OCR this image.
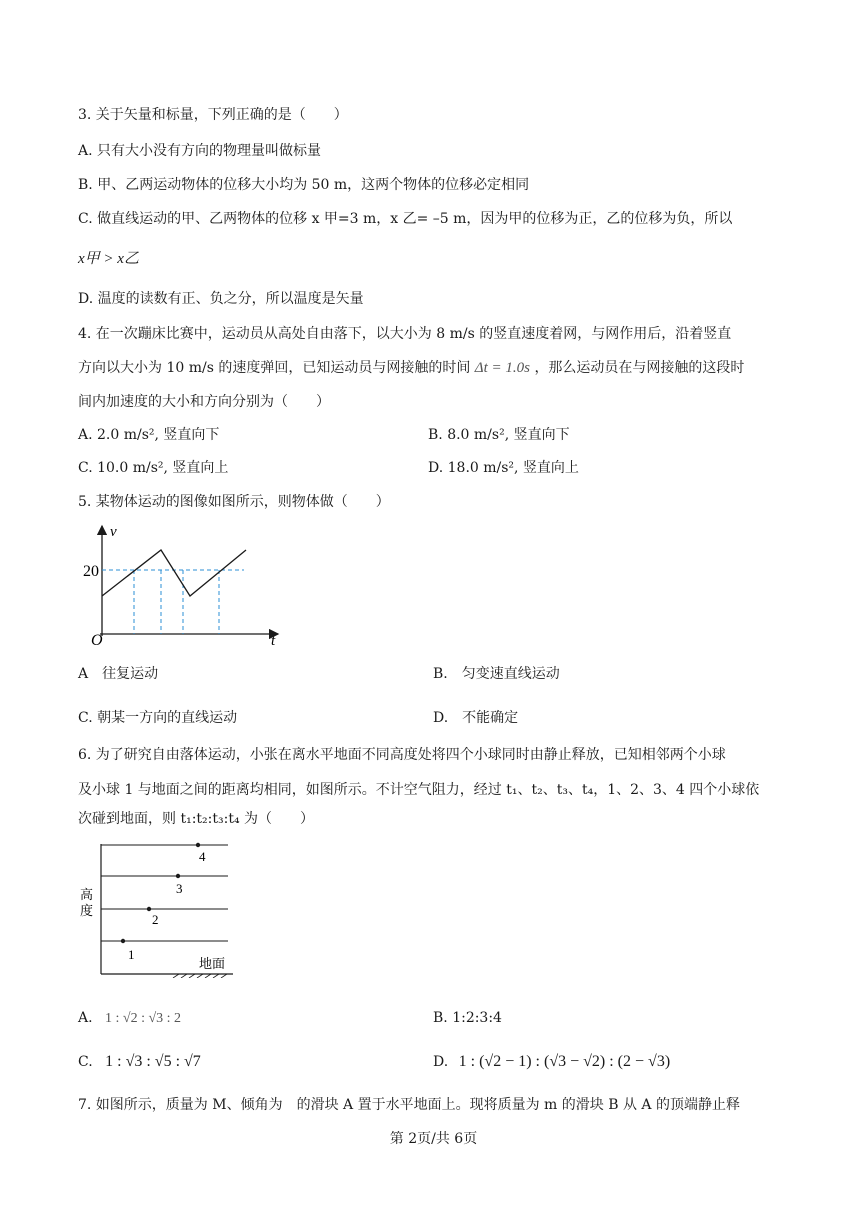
3. 关于矢量和标量，下列正确的是（　　）
A. 只有大小没有方向的物理量叫做标量
B. 甲、乙两运动物体的位移大小均为 50 m，这两个物体的位移必定相同
C. 做直线运动的甲、乙两物体的位移 x 甲=3 m，x 乙= –5 m，因为甲的位移为正，乙的位移为负，所以
x甲 > x乙
D. 温度的读数有正、负之分，所以温度是矢量
4. 在一次蹦床比赛中，运动员从高处自由落下，以大小为 8 m/s 的竖直速度着网，与网作用后，沿着竖直
方向以大小为 10 m/s 的速度弹回，已知运动员与网接触的时间 Δt = 1.0s ，那么运动员在与网接触的这段时
间内加速度的大小和方向分别为（　　）
A. 2.0 m/s², 竖直向下	B. 8.0 m/s², 竖直向下
C. 10.0 m/s², 竖直向上	D. 18.0 m/s², 竖直向上
5. 某物体运动的图像如图所示，则物体做（　　）
v
20
O	t
A　往复运动	B.　匀变速直线运动
C. 朝某一方向的直线运动	D.　不能确定
6. 为了研究自由落体运动，小张在离水平地面不同高度处将四个小球同时由静止释放，已知相邻两个小球
及小球 1 与地面之间的距离均相同，如图所示。不计空气阻力，经过 t₁、t₂、t₃、t₄，1、2、3、4 四个小球依
次碰到地面，则 t₁:t₂:t₃:t₄ 为（　　）
1
2
3
4
高
度
地面
A. 1 : √2 : √3 : 2	B. 1:2:3:4
C. 1 : √3 : √5 : √7	D. 1 : (√2 − 1) : (√3 − √2) : (2 − √3)
7. 如图所示，质量为 M、倾角为　的滑块 A 置于水平地面上。现将质量为 m 的滑块 B 从 A 的顶端静止释
第 2页/共 6页
